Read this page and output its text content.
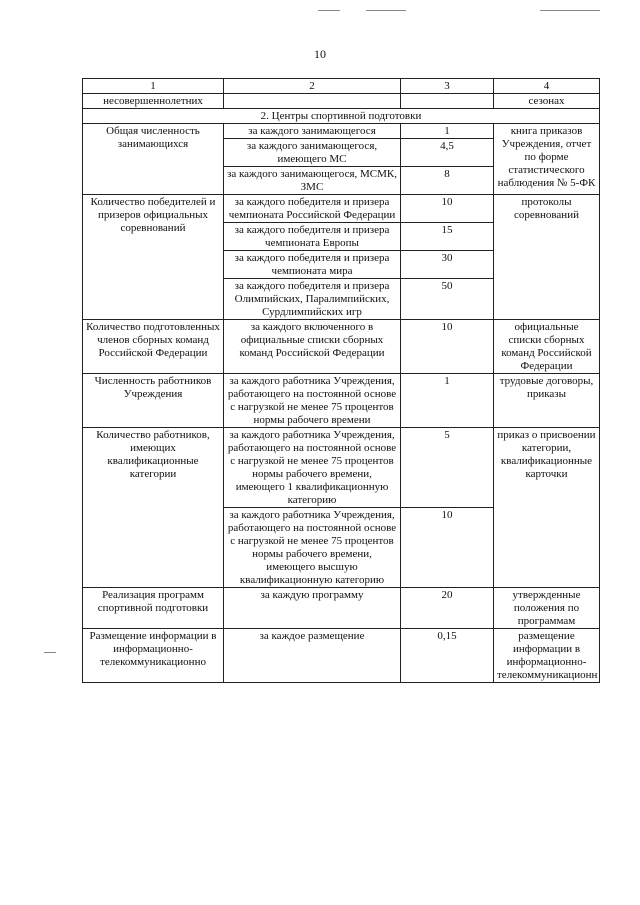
10
1	2	3	4
несовершеннолетних			сезонах
2. Центры спортивной подготовки			
Общая численность занимающихся	за каждого занимающегося	1	книга приказов Учреждения, отчет по форме статистического наблюдения № 5-ФК
	за каждого занимающегося, имеющего МС	4,5	
	за каждого занимающегося, МСМК, ЗМС	8	
Количество победителей и призеров официальных соревнований	за каждого победителя и призера чемпионата Российской Федерации	10	протоколы соревнований
	за каждого победителя и призера чемпионата Европы	15	
	за каждого победителя и призера чемпионата мира	30	
	за каждого победителя и призера Олимпийских, Паралимпийских, Сурдлимпийских игр	50	
Количество подготовленных членов сборных команд Российской Федерации	за каждого включенного в официальные списки сборных команд Российской Федерации	10	официальные списки сборных команд Российской Федерации
Численность работников Учреждения	за каждого работника Учреждения, работающего на постоянной основе с нагрузкой не менее 75 процентов нормы рабочего времени	1	трудовые договоры, приказы
Количество работников, имеющих квалификационные категории	за каждого работника Учреждения, работающего на постоянной основе с нагрузкой не менее 75 процентов нормы рабочего времени, имеющего 1 квалификационную категорию	5	приказ о присвоении категории, квалификационные карточки
	за каждого работника Учреждения, работающего на постоянной основе с нагрузкой не менее 75 процентов нормы рабочего времени, имеющего высшую квалификационную категорию	10	
Реализация программ спортивной подготовки	за каждую программу	20	утвержденные положения по программам
Размещение информации в информационно-телекоммуникационно	за каждое размещение	0,15	размещение информации в информационно-телекоммуникационн
